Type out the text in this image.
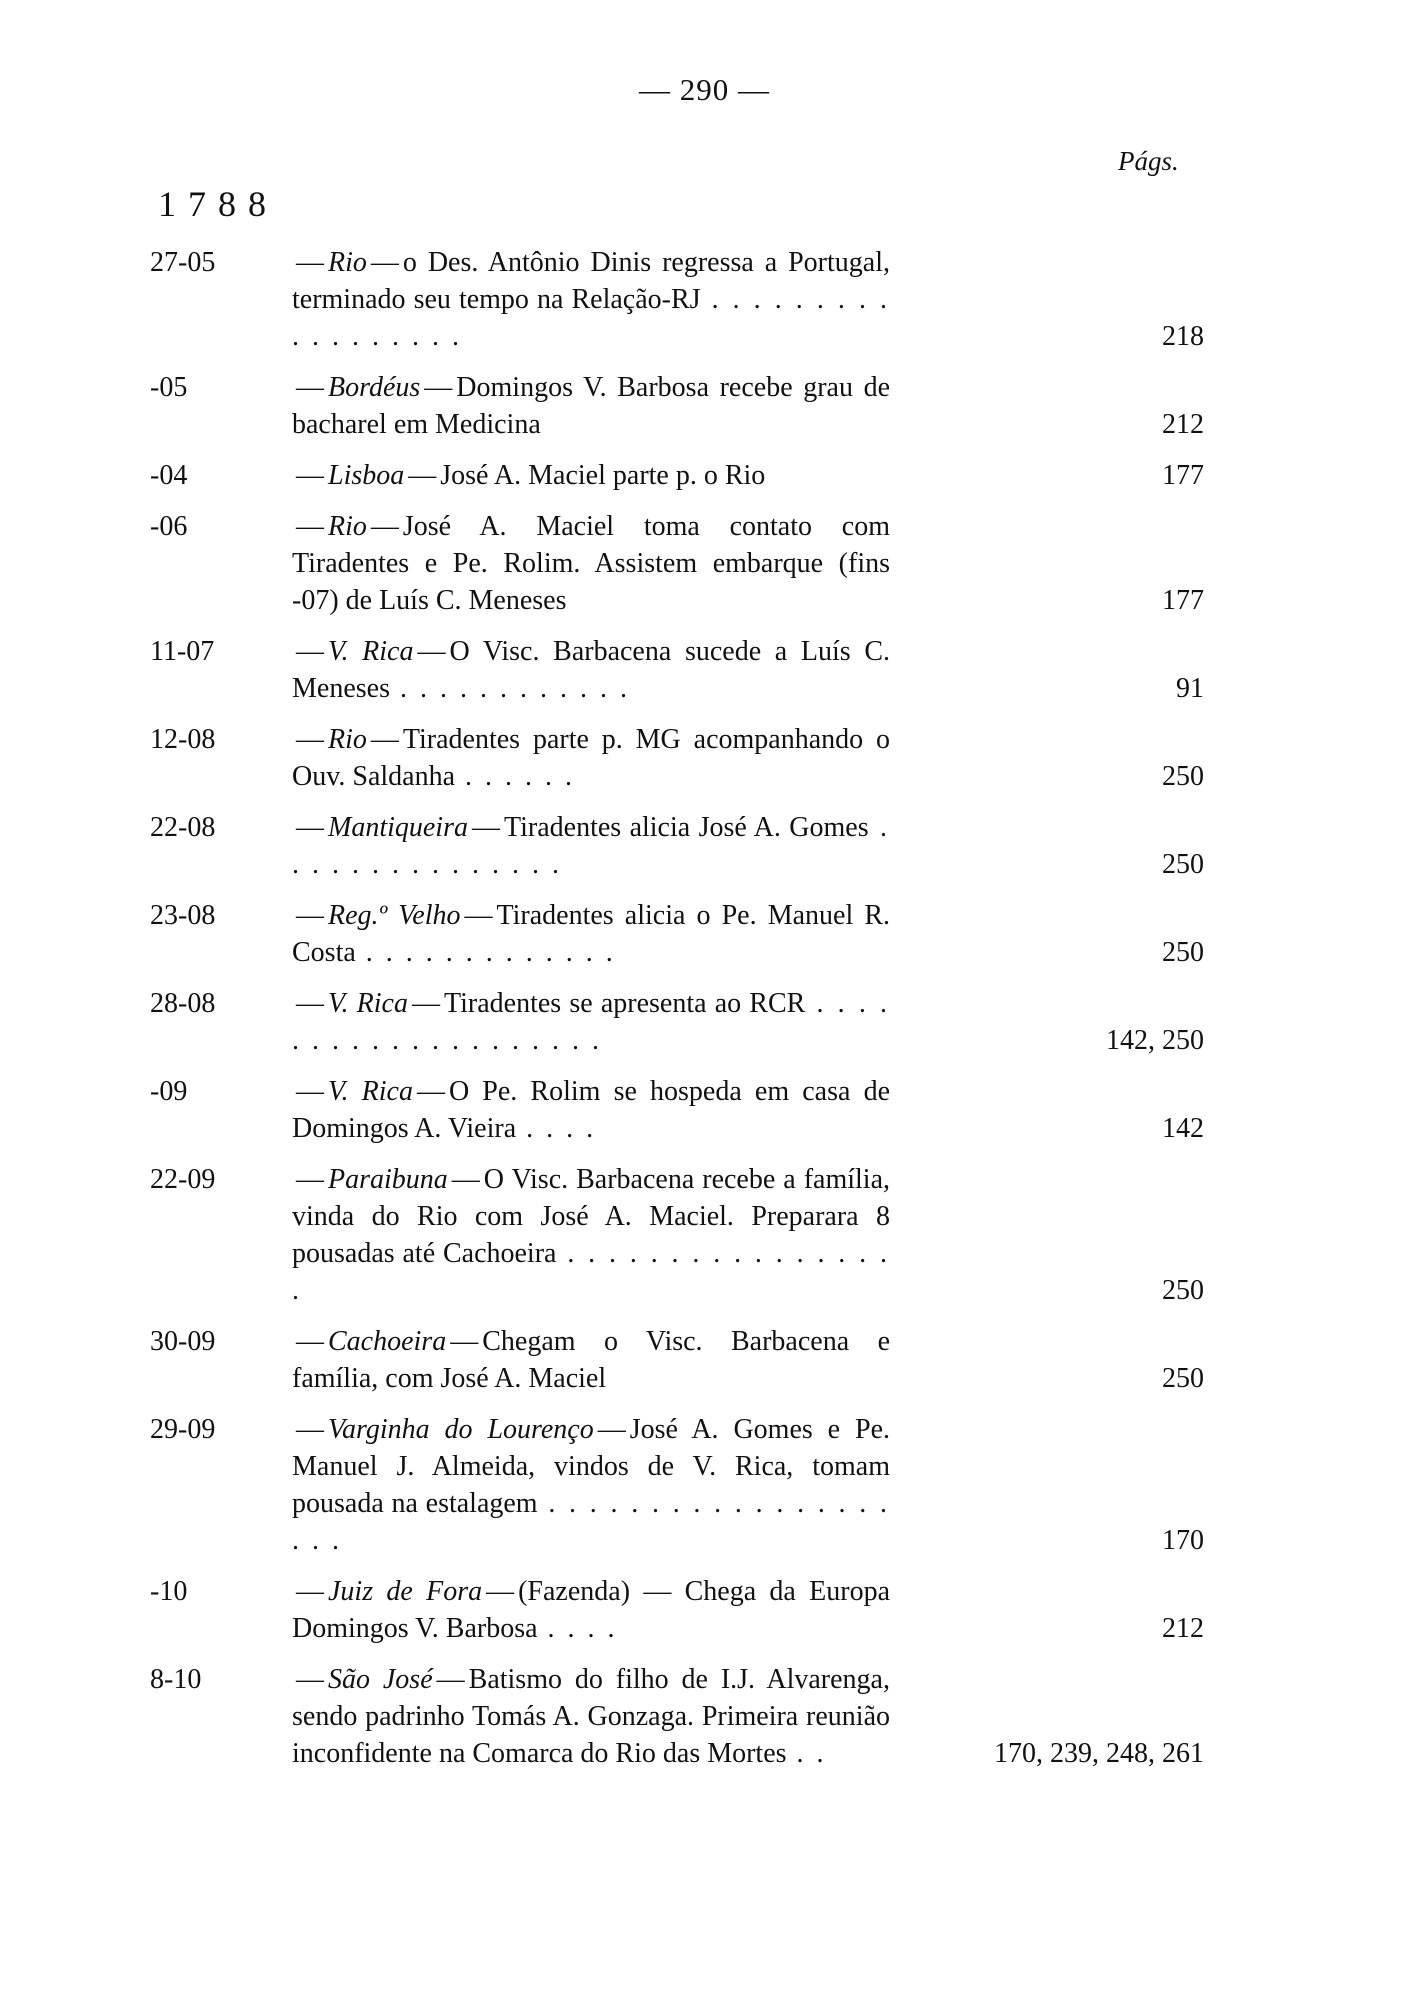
— 290 —
Págs.
1788
27-05	— Rio — o Des. Antônio Dinis regressa a Portugal, terminado seu tempo na Relação-RJ . . . . . . . . . . . . . . . . . .	218
-05	— Bordéus — Domingos V. Barbosa recebe grau de bacharel em Medicina	212
-04	— Lisboa — José A. Maciel parte p. o Rio	177
-06	— Rio — José A. Maciel toma contato com Tiradentes e Pe. Rolim. Assistem embarque (fins -07) de Luís C. Meneses	177
11-07	— V. Rica — O Visc. Barbacena sucede a Luís C. Meneses . . . . . . . . . . . .	91
12-08	— Rio — Tiradentes parte p. MG acompanhando o Ouv. Saldanha . . . . . .	250
22-08	— Mantiqueira — Tiradentes alicia José A. Gomes . . . . . . . . . . . . . . .	250
23-08	— Reg.º Velho — Tiradentes alicia o Pe. Manuel R. Costa . . . . . . . . . . . . .	250
28-08	— V. Rica — Tiradentes se apresenta ao RCR . . . . . . . . . . . . . . . . . . . .	142, 250
-09	— V. Rica — O Pe. Rolim se hospeda em casa de Domingos A. Vieira . . . .	142
22-09	— Paraibuna — O Visc. Barbacena recebe a família, vinda do Rio com José A. Maciel. Preparara 8 pousadas até Cachoeira . . . . . . . . . . . . . . . . .	250
30-09	— Cachoeira — Chegam o Visc. Barbacena e família, com José A. Maciel	250
29-09	— Varginha do Lourenço — José A. Gomes e Pe. Manuel J. Almeida, vindos de V. Rica, tomam pousada na estalagem . . . . . . . . . . . . . . . . . . . .	170
-10	— Juiz de Fora — (Fazenda) — Chega da Europa Domingos V. Barbosa . . . .	212
8-10	— São José — Batismo do filho de I.J. Alvarenga, sendo padrinho Tomás A. Gonzaga. Primeira reunião inconfidente na Comarca do Rio das Mortes . .	170, 239, 248, 261
